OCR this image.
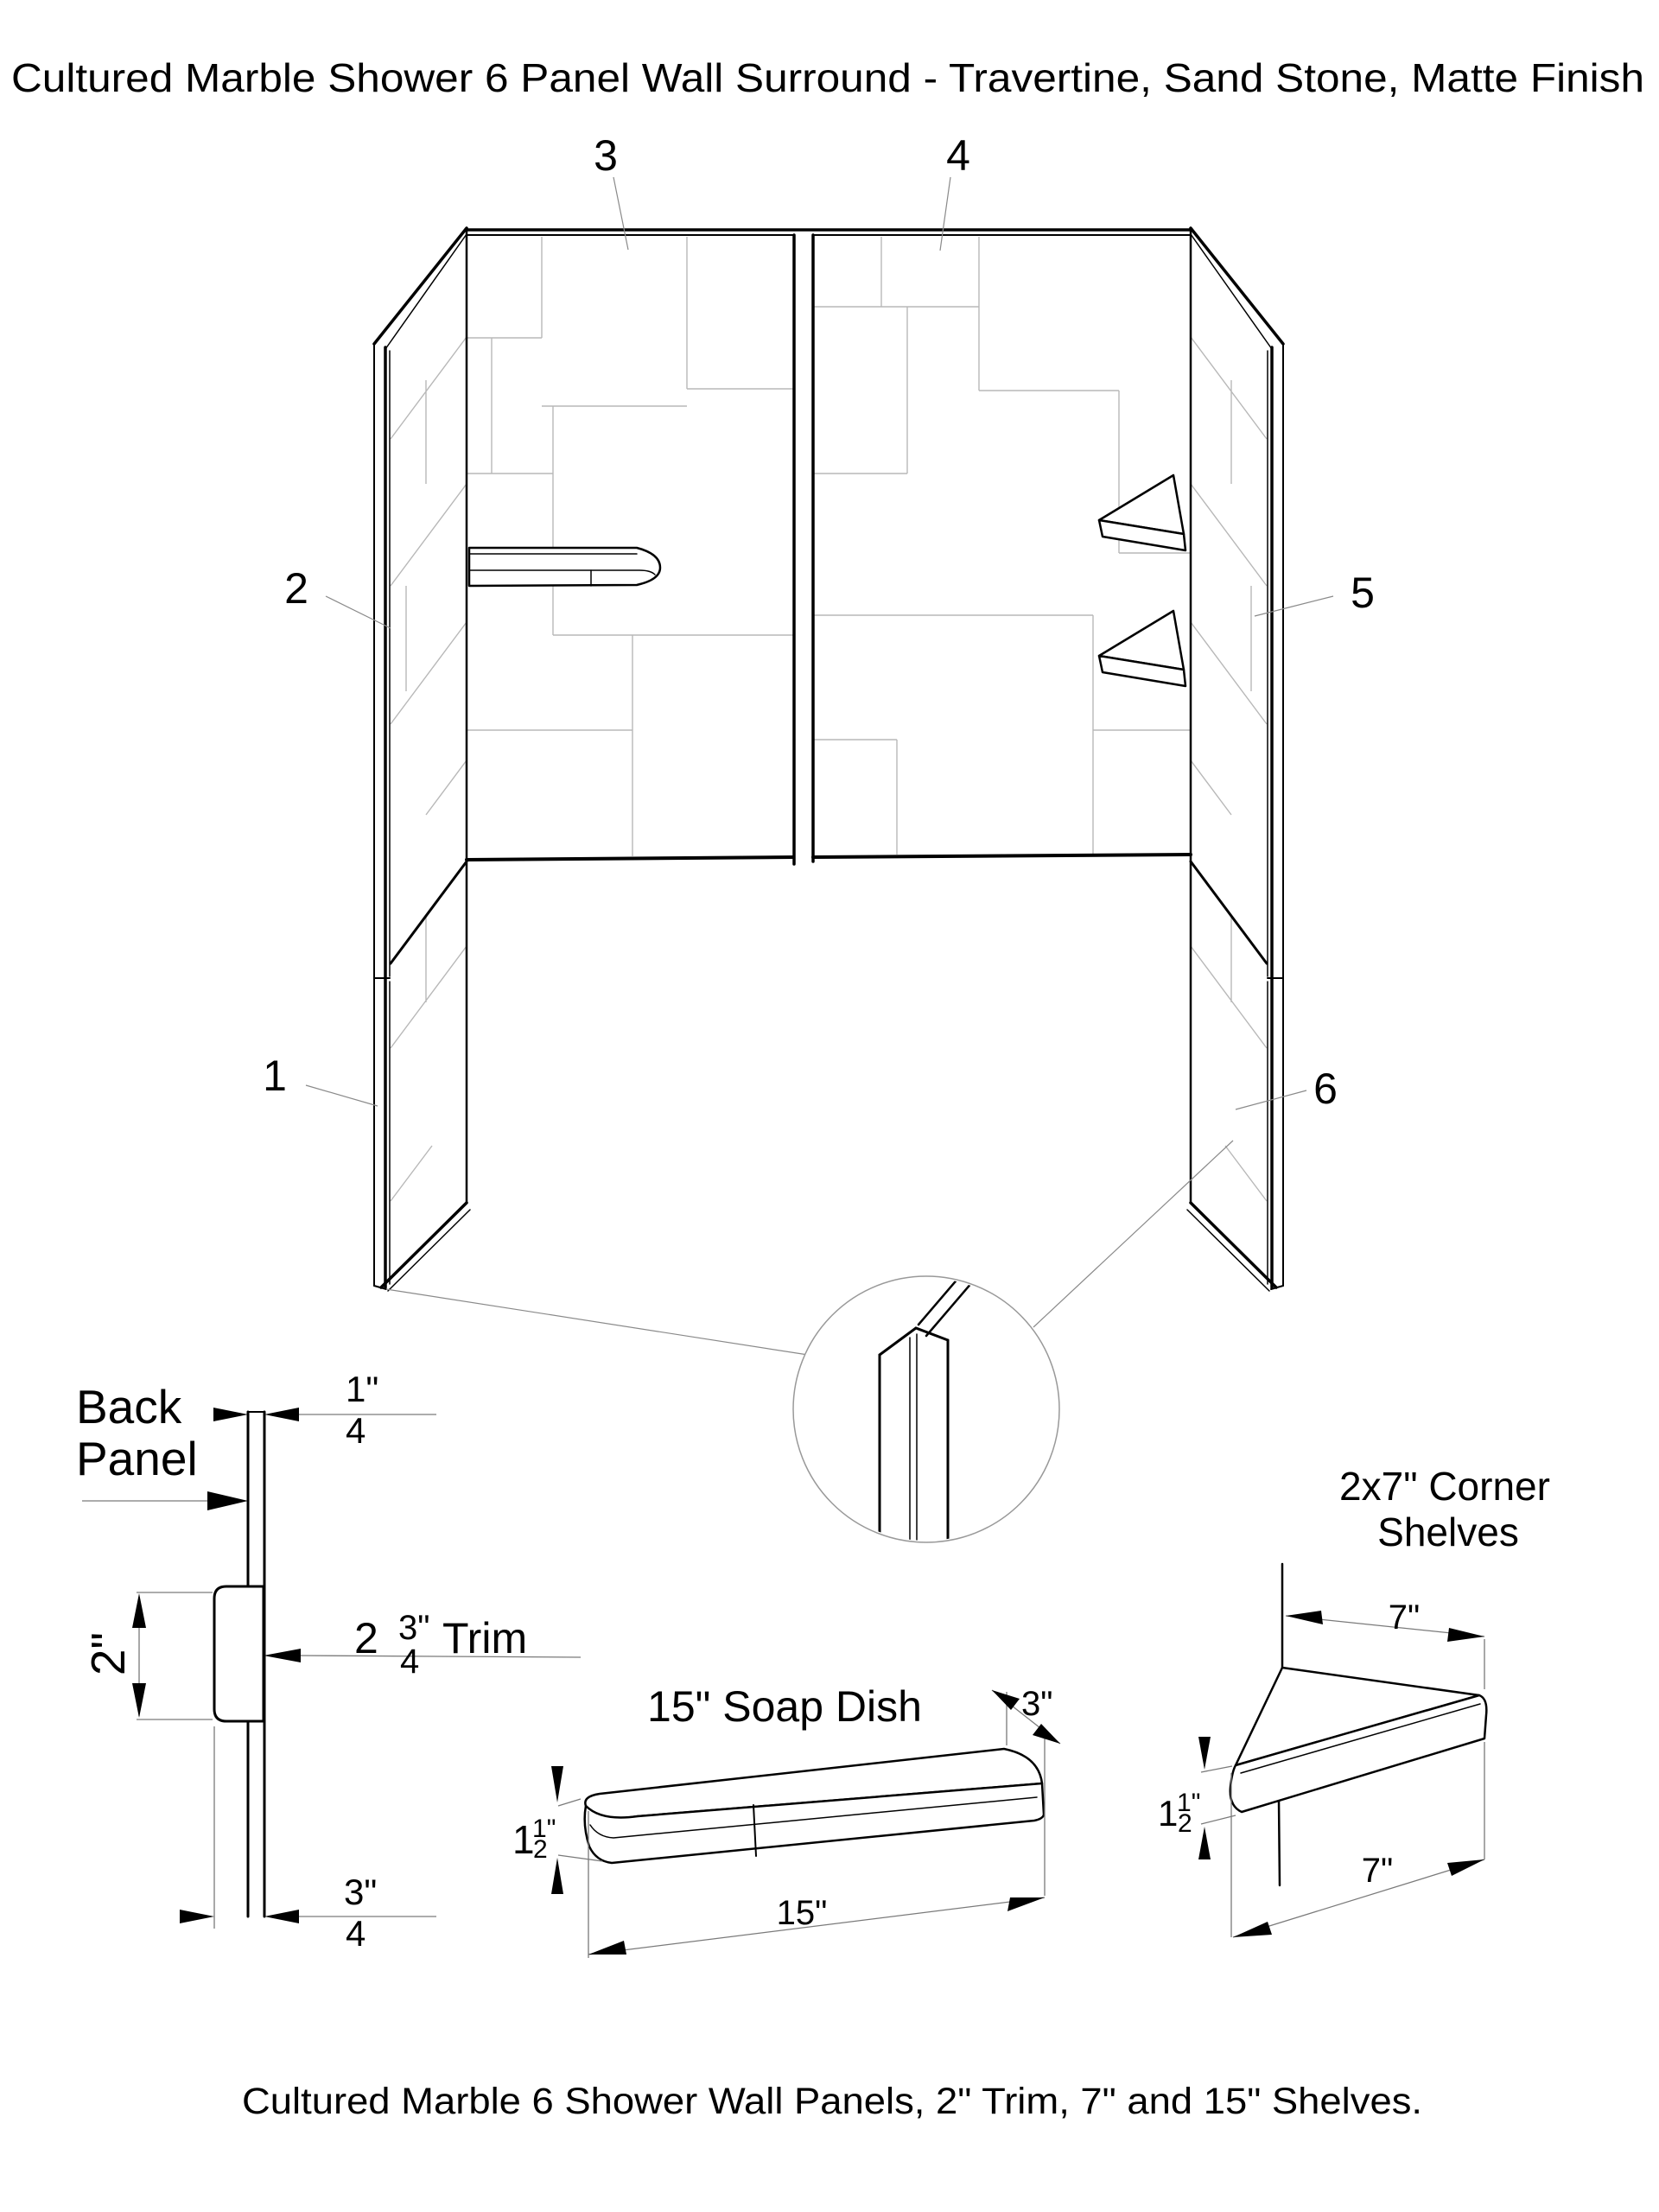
Cultured Marble Shower 6 Panel Wall Surround - Travertine, Sand Stone, Matte Finish
1
2
3	4
5
6
Back
Panel
1"
4
2"	2 3"
4 Trim
3"
4
15" Soap Dish	3"
1
1"
2
15"
2x7" Corner
Shelves
7"
1
1"
2
7"
Cultured Marble 6 Shower Wall Panels, 2" Trim, 7" and 15" Shelves.
